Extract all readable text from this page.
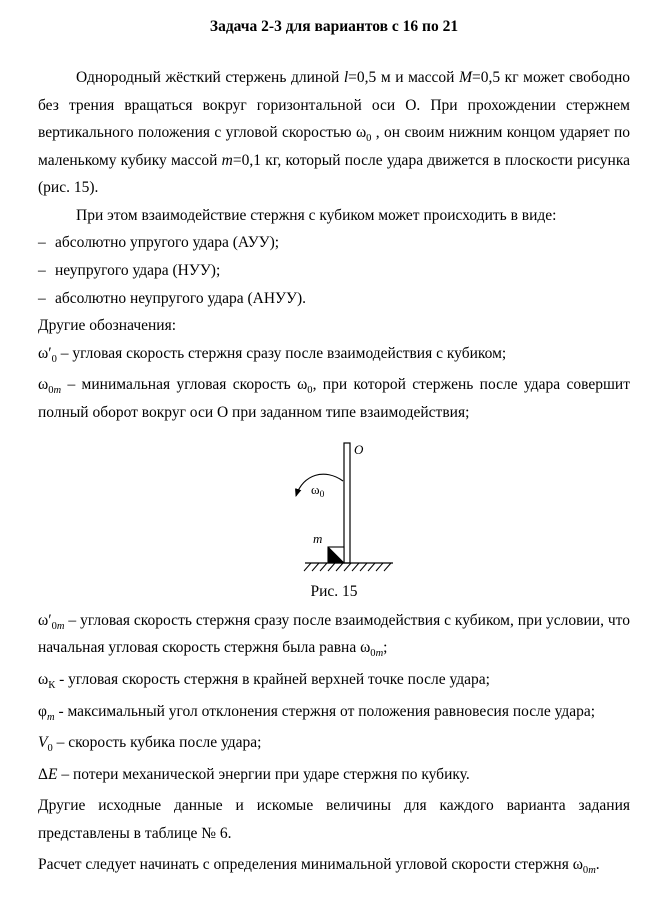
Задача 2-3 для вариантов с 16 по 21

Однородный жёсткий стержень длиной l=0,5 м и массой M=0,5 кг может свободно без трения вращаться вокруг горизонтальной оси О. При прохождении стержнем вертикального положения с угловой скоростью $\omega_0$ , он своим нижним концом ударяет по маленькому кубику массой m=0,1 кг, который после удара движется в плоскости рисунка (рис. 15).

При этом взаимодействие стержня с кубиком может происходить в виде:

– абсолютно упругого удара (АУУ);
– неупругого удара (НУУ);
– абсолютно неупругого удара (АНУУ).

Другие обозначения:

$\omega'_0$ – угловая скорость стержня сразу после взаимодействия с кубиком;

$\omega_{0m}$ – минимальная угловая скорость $\omega_0$, при которой стержень после удара совершит полный оборот вокруг оси О при заданном типе взаимодействия;

O
$\omega_0$
m
Рис. 15

$\omega'_{0m}$ – угловая скорость стержня сразу после взаимодействия с кубиком, при условии, что начальная угловая скорость стержня была равна $\omega_{0m}$;

$\omega_К$ - угловая скорость стержня в крайней верхней точке после удара;

$\varphi_m$ - максимальный угол отклонения стержня от положения равновесия после удара;

$V_0$ – скорость кубика после удара;

ΔE – потери механической энергии при ударе стержня по кубику.

Другие исходные данные и искомые величины для каждого варианта задания представлены в таблице № 6.

Расчет следует начинать с определения минимальной угловой скорости стержня $\omega_{0m}$.
